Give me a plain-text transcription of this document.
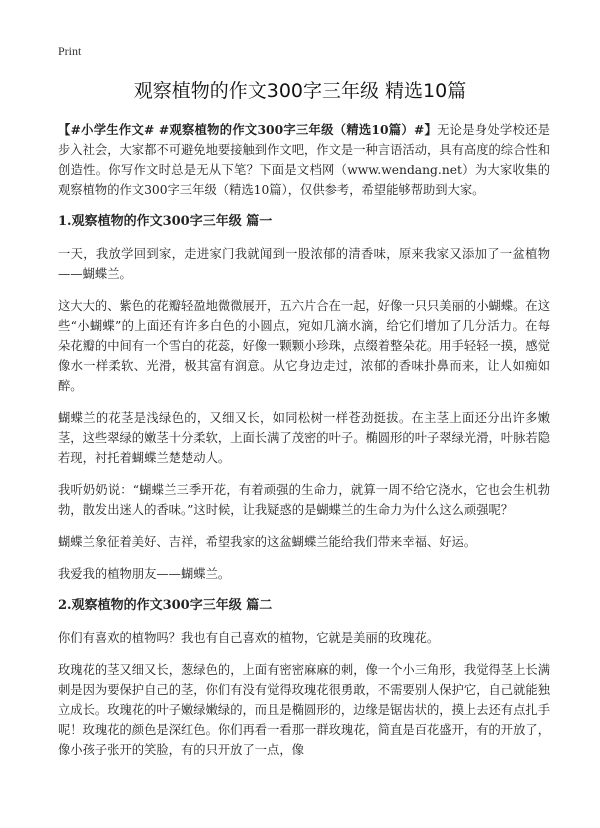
Print
观察植物的作文300字三年级 精选10篇

【#小学生作文# #观察植物的作文300字三年级（精选10篇）#】无论是身处学校还是步入社会，大家都不可避免地要接触到作文吧，作文是一种言语活动，具有高度的综合性和创造性。你写作文时总是无从下笔？下面是文档网（www.wendang.net）为大家收集的观察植物的作文300字三年级（精选10篇），仅供参考，希望能够帮助到大家。

1.观察植物的作文300字三年级 篇一

一天，我放学回到家，走进家门我就闻到一股浓郁的清香味，原来我家又添加了一盆植物——蝴蝶兰。

这大大的、紫色的花瓣轻盈地微微展开，五六片合在一起，好像一只只美丽的小蝴蝶。在这些“小蝴蝶”的上面还有许多白色的小圆点，宛如几滴水滴，给它们增加了几分活力。在每朵花瓣的中间有一个雪白的花蕊，好像一颗颗小珍珠，点缀着整朵花。用手轻轻一摸，感觉像水一样柔软、光滑，极其富有润意。从它身边走过，浓郁的香味扑鼻而来，让人如痴如醉。

蝴蝶兰的花茎是浅绿色的，又细又长，如同松树一样苍劲挺拔。在主茎上面还分出许多嫩茎，这些翠绿的嫩茎十分柔软，上面长满了茂密的叶子。椭圆形的叶子翠绿光滑，叶脉若隐若现，衬托着蝴蝶兰楚楚动人。

我听奶奶说：“蝴蝶兰三季开花，有着顽强的生命力，就算一周不给它浇水，它也会生机勃勃，散发出迷人的香味。”这时候，让我疑惑的是蝴蝶兰的生命力为什么这么顽强呢？

蝴蝶兰象征着美好、吉祥，希望我家的这盆蝴蝶兰能给我们带来幸福、好运。

我爱我的植物朋友——蝴蝶兰。

2.观察植物的作文300字三年级 篇二

你们有喜欢的植物吗？我也有自己喜欢的植物，它就是美丽的玫瑰花。

玫瑰花的茎又细又长，葱绿色的，上面有密密麻麻的刺，像一个小三角形，我觉得茎上长满刺是因为要保护自己的茎，你们有没有觉得玫瑰花很勇敢，不需要别人保护它，自己就能独立成长。玫瑰花的叶子嫩绿嫩绿的，而且是椭圆形的，边缘是锯齿状的，摸上去还有点扎手呢！玫瑰花的颜色是深红色。你们再看一看那一群玫瑰花，简直是百花盛开，有的开放了，像小孩子张开的笑脸，有的只开放了一点，像
